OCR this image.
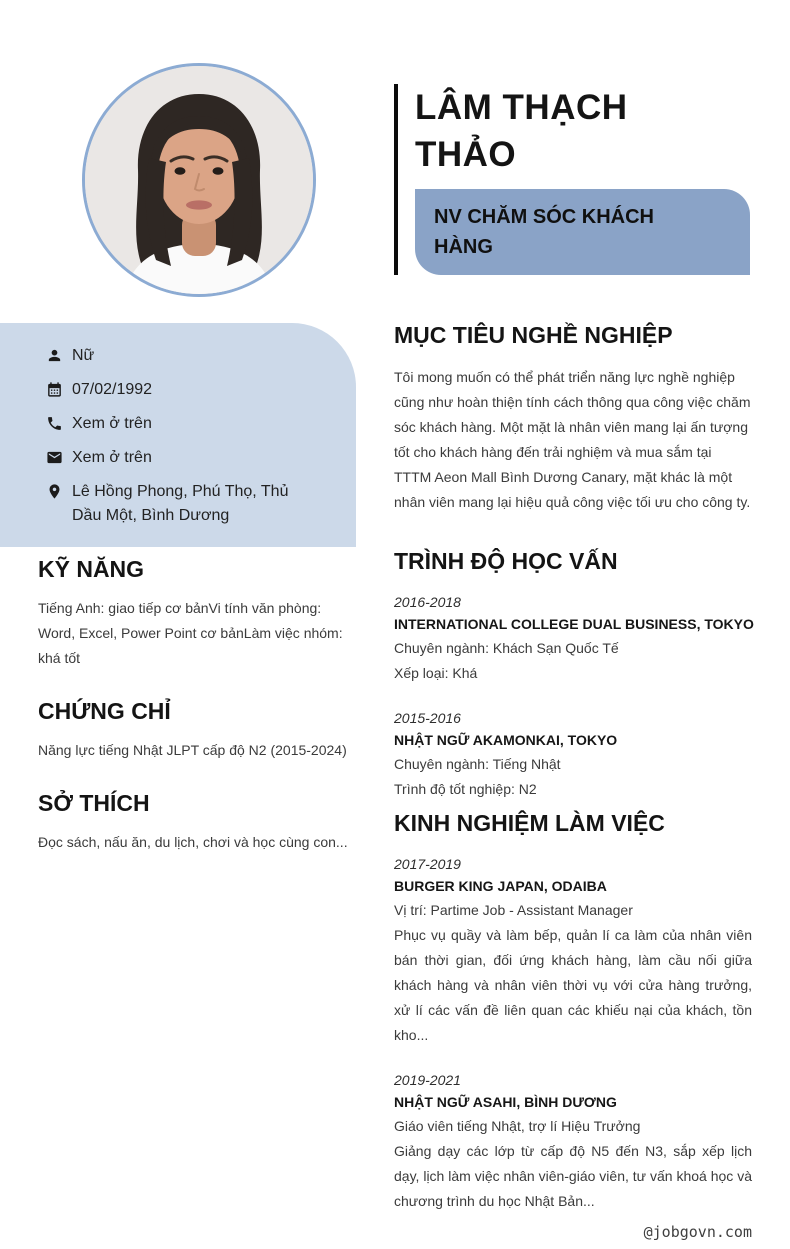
Nữ
07/02/1992
Xem ở trên
Xem ở trên
Lê Hồng Phong, Phú Thọ, Thủ Dầu Một, Bình Dương
KỸ NĂNG

Tiếng Anh: giao tiếp cơ bảnVi tính văn phòng: Word, Excel, Power Point cơ bảnLàm việc nhóm: khá tốt

CHỨNG CHỈ

Năng lực tiếng Nhật JLPT cấp độ N2 (2015-2024)

SỞ THÍCH

Đọc sách, nấu ăn, du lịch, chơi và học cùng con...

LÂM THẠCH THẢO
NV CHĂM SÓC KHÁCH HÀNG
MỤC TIÊU NGHỀ NGHIỆP

Tôi mong muốn có thể phát triển năng lực nghề nghiệp cũng như hoàn thiện tính cách thông qua công việc chăm sóc khách hàng. Một mặt là nhân viên mang lại ấn tượng tốt cho khách hàng đến trải nghiệm và mua sắm tại TTTM Aeon Mall Bình Dương Canary, mặt khác là một nhân viên mang lại hiệu quả công việc tối ưu cho công ty.

TRÌNH ĐỘ HỌC VẤN
2016-2018
INTERNATIONAL COLLEGE DUAL BUSINESS, TOKYO

Chuyên ngành: Khách Sạn Quốc Tế

Xếp loại: Khá

2015-2016
NHẬT NGỮ AKAMONKAI, TOKYO

Chuyên ngành: Tiếng Nhật

Trình độ tốt nghiệp: N2

KINH NGHIỆM LÀM VIỆC
2017-2019
BURGER KING JAPAN, ODAIBA

Vị trí: Partime Job - Assistant Manager

Phục vụ quầy và làm bếp, quản lí ca làm của nhân viên bán thời gian, đối ứng khách hàng, làm cầu nối giữa khách hàng và nhân viên thời vụ với cửa hàng trưởng, xử lí các vấn đề liên quan các khiếu nại của khách, tồn kho...

2019-2021
NHẬT NGỮ ASAHI, BÌNH DƯƠNG

Giáo viên tiếng Nhật, trợ lí Hiệu Trưởng

Giảng dạy các lớp từ cấp độ N5 đến N3, sắp xếp lịch dạy, lịch làm việc nhân viên-giáo viên, tư vấn khoá học và chương trình du học Nhật Bản...

@jobgovn.com
